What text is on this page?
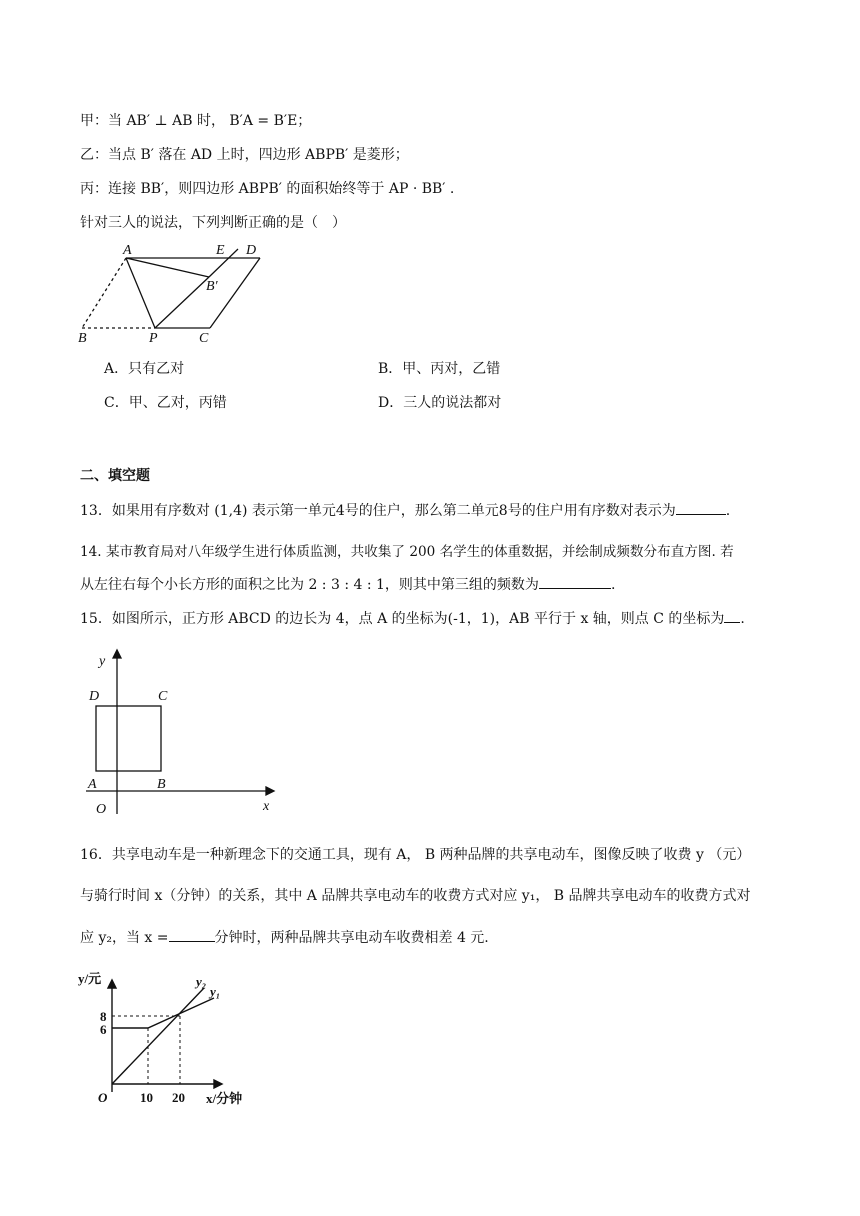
甲：当 AB′ ⊥ AB 时， B′A = B′E；
乙：当点 B′ 落在 AD 上时，四边形 ABPB′ 是菱形；
丙：连接 BB′，则四边形 ABPB′ 的面积始终等于 AP · BB′ .
针对三人的说法，下列判断正确的是（　）
A	E D
B′
B	P	C
A．只有乙对	B．甲、丙对，乙错
C．甲、乙对，丙错	D．三人的说法都对
二、填空题
13．如果用有序数对 (1,4) 表示第一单元4号的住户，那么第二单元8号的住户用有序数对表示为	.
14. 某市教育局对八年级学生进行体质监测，共收集了 200 名学生的体重数据，并绘制成频数分布直方图. 若
从左往右每个小长方形的面积之比为 2 : 3 : 4 : 1，则其中第三组的频数为	.
15．如图所示，正方形 ABCD 的边长为 4，点 A 的坐标为(-1，1)，AB 平行于 x 轴，则点 C 的坐标为 .
y
x
O
A	B
C
D
16．共享电动车是一种新理念下的交通工具，现有 A， B 两种品牌的共享电动车，图像反映了收费 y （元）
与骑行时间 x（分钟）的关系，其中 A 品牌共享电动车的收费方式对应 y₁， B 品牌共享电动车的收费方式对
应 y₂，当 x =	分钟时，两种品牌共享电动车收费相差 4 元.
y/元
x/分钟
O
8
6
10 20
y₁
y₂
